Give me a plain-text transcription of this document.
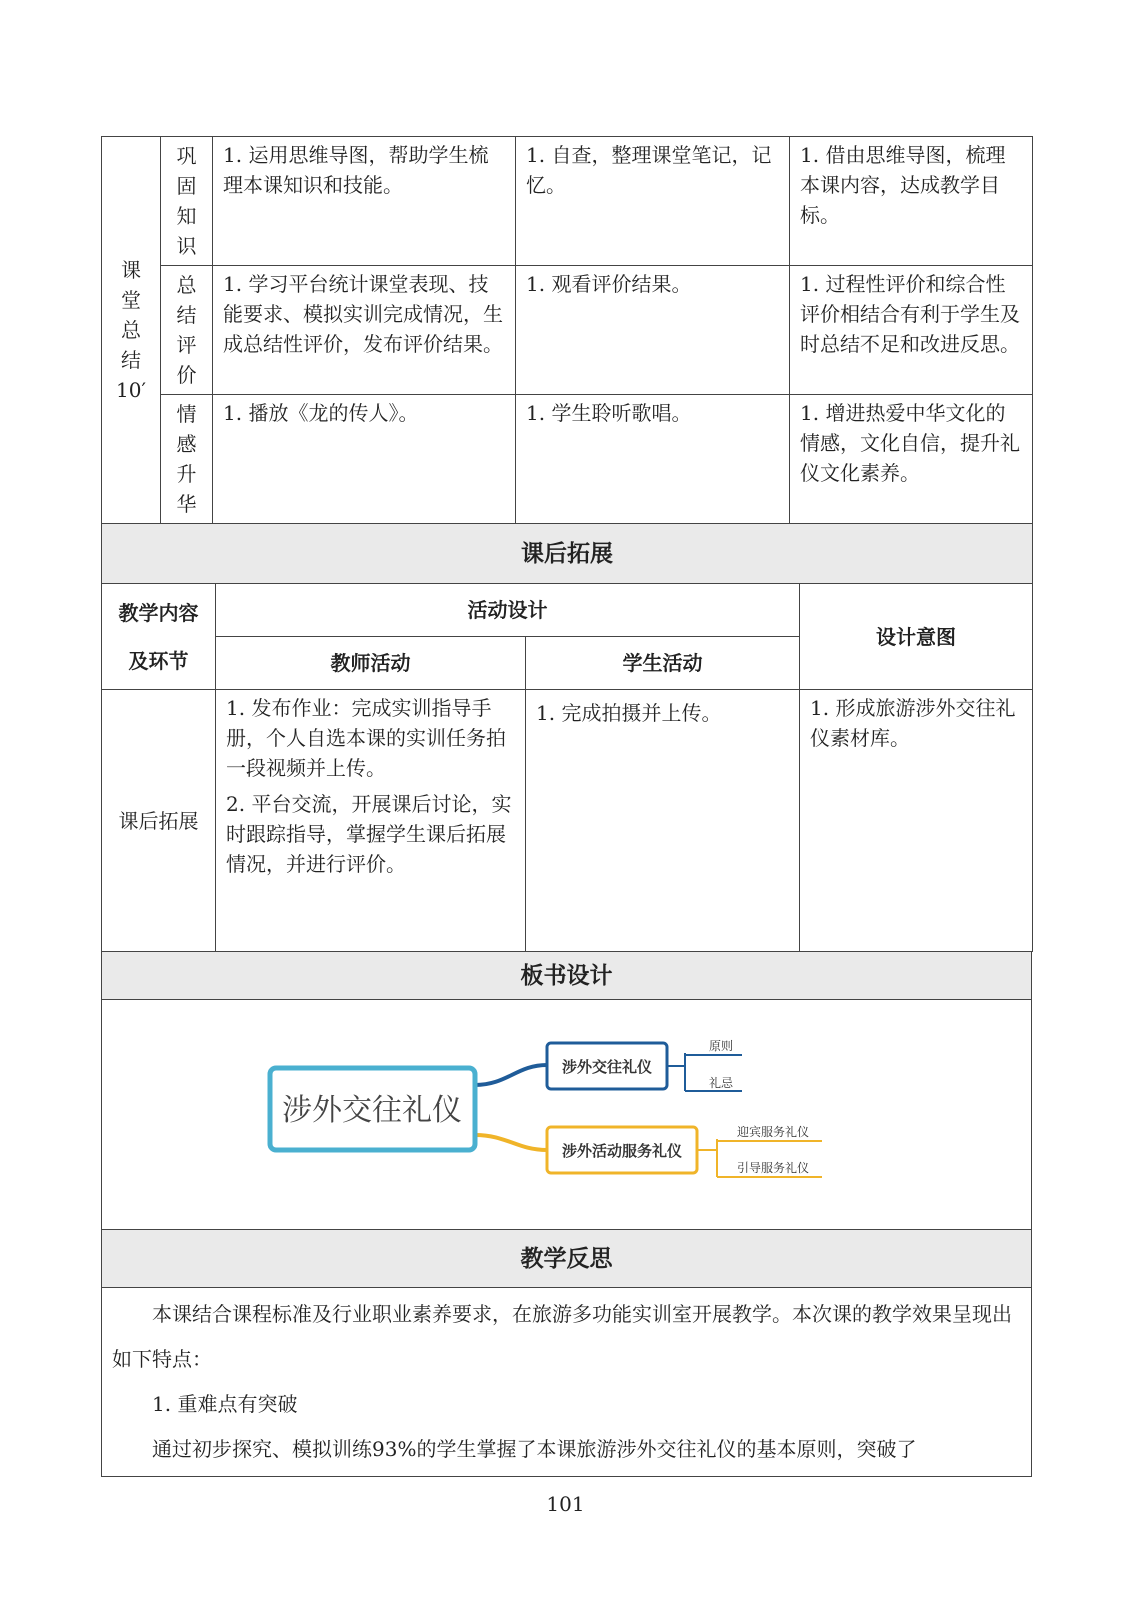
课
堂
总
结
10′	巩
固
知
识	1. 运用思维导图，帮助学生梳理本课知识和技能。	1. 自查，整理课堂笔记，记忆。	1. 借由思维导图，梳理本课内容，达成教学目标。

	总
结
评
价	1. 学习平台统计课堂表现、技能要求、模拟实训完成情况，生成总结性评价，发布评价结果。	1. 观看评价结果。	1. 过程性评价和综合性评价相结合有利于学生及时总结不足和改进反思。

	情
感
升
华	1. 播放《龙的传人》。	1. 学生聆听歌唱。	1. 增进热爱中华文化的情感，文化自信，提升礼仪文化素养。
课后拓展			

教学内容
及环节	活动设计		设计意图
	教师活动	学生活动	
课后拓展	1. 发布作业：完成实训指导手册，个人自选本课的实训任务拍一段视频并上传。

2. 平台交流，开展课后讨论，实时跟踪指导，掌握学生课后拓展情况，并进行评价。	1. 完成拍摄并上传。	1. 形成旅游涉外交往礼仪素材库。
板书设计

涉外交往礼仪
涉外交往礼仪
原则
礼忌
涉外活动服务礼仪
迎宾服务礼仪
引导服务礼仪

教学反思

本课结合课程标准及行业职业素养要求，在旅游多功能实训室开展教学。本次课的教学效果呈现出如下特点：

1. 重难点有突破

通过初步探究、模拟训练93%的学生掌握了本课旅游涉外交往礼仪的基本原则，突破了

101
